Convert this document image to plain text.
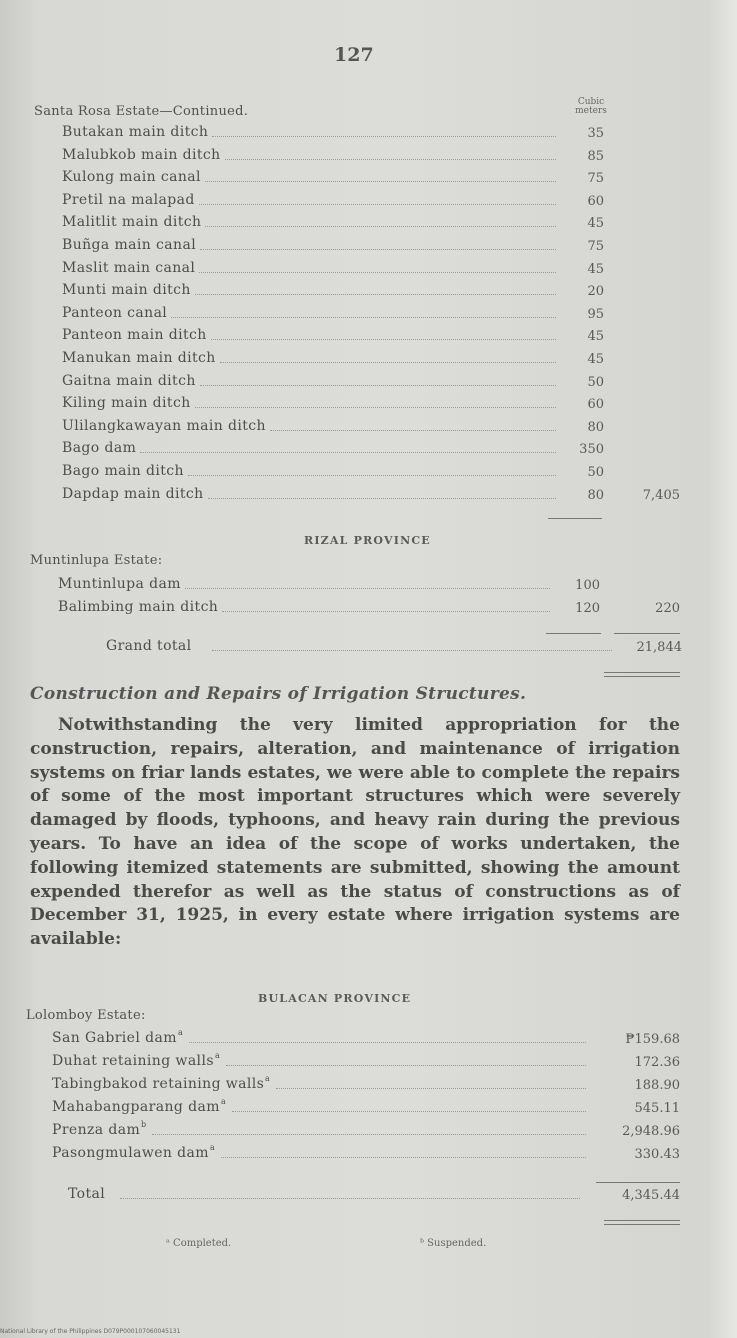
127
Santa Rosa Estate—Continued.
Cubic
meters
Butakan main ditch	35
Malubkob main ditch	85
Kulong main canal	75
Pretil na malapad	60
Malitlit main ditch	45
Buñga main canal	75
Maslit main canal	45
Munti main ditch	20
Panteon canal	95
Panteon main ditch	45
Manukan main ditch	45
Gaitna main ditch	50
Kiling main ditch	60
Ulilangkawayan main ditch	80
Bago dam	350
Bago main ditch	50
Dapdap main ditch	80	7,405
RIZAL PROVINCE
Muntinlupa Estate:
Muntinlupa dam	100
Balimbing main ditch	120	220
Grand total	21,844
Construction and Repairs of Irrigation Structures.
Notwithstanding the very limited appropriation for the construction, repairs, alteration, and maintenance of irrigation systems on friar lands estates, we were able to complete the repairs of some of the most important structures which were severely damaged by floods, typhoons, and heavy rain during the previous years. To have an idea of the scope of works undertaken, the following itemized statements are submitted, showing the amount expended therefor as well as the status of constructions as of December 31, 1925, in every estate where irrigation systems are available:
BULACAN PROVINCE
Lolomboy Estate:
San Gabriel dam a	₱159.68
Duhat retaining walls a	172.36
Tabingbakod retaining walls a	188.90
Mahabangparang dam a	545.11
Prenza dam b	2,948.96
Pasongmulawen dam a	330.43
Total	4,345.44
ᵃ Completed.	ᵇ Suspended.
National Library of the Philippines D079P000107060045131
